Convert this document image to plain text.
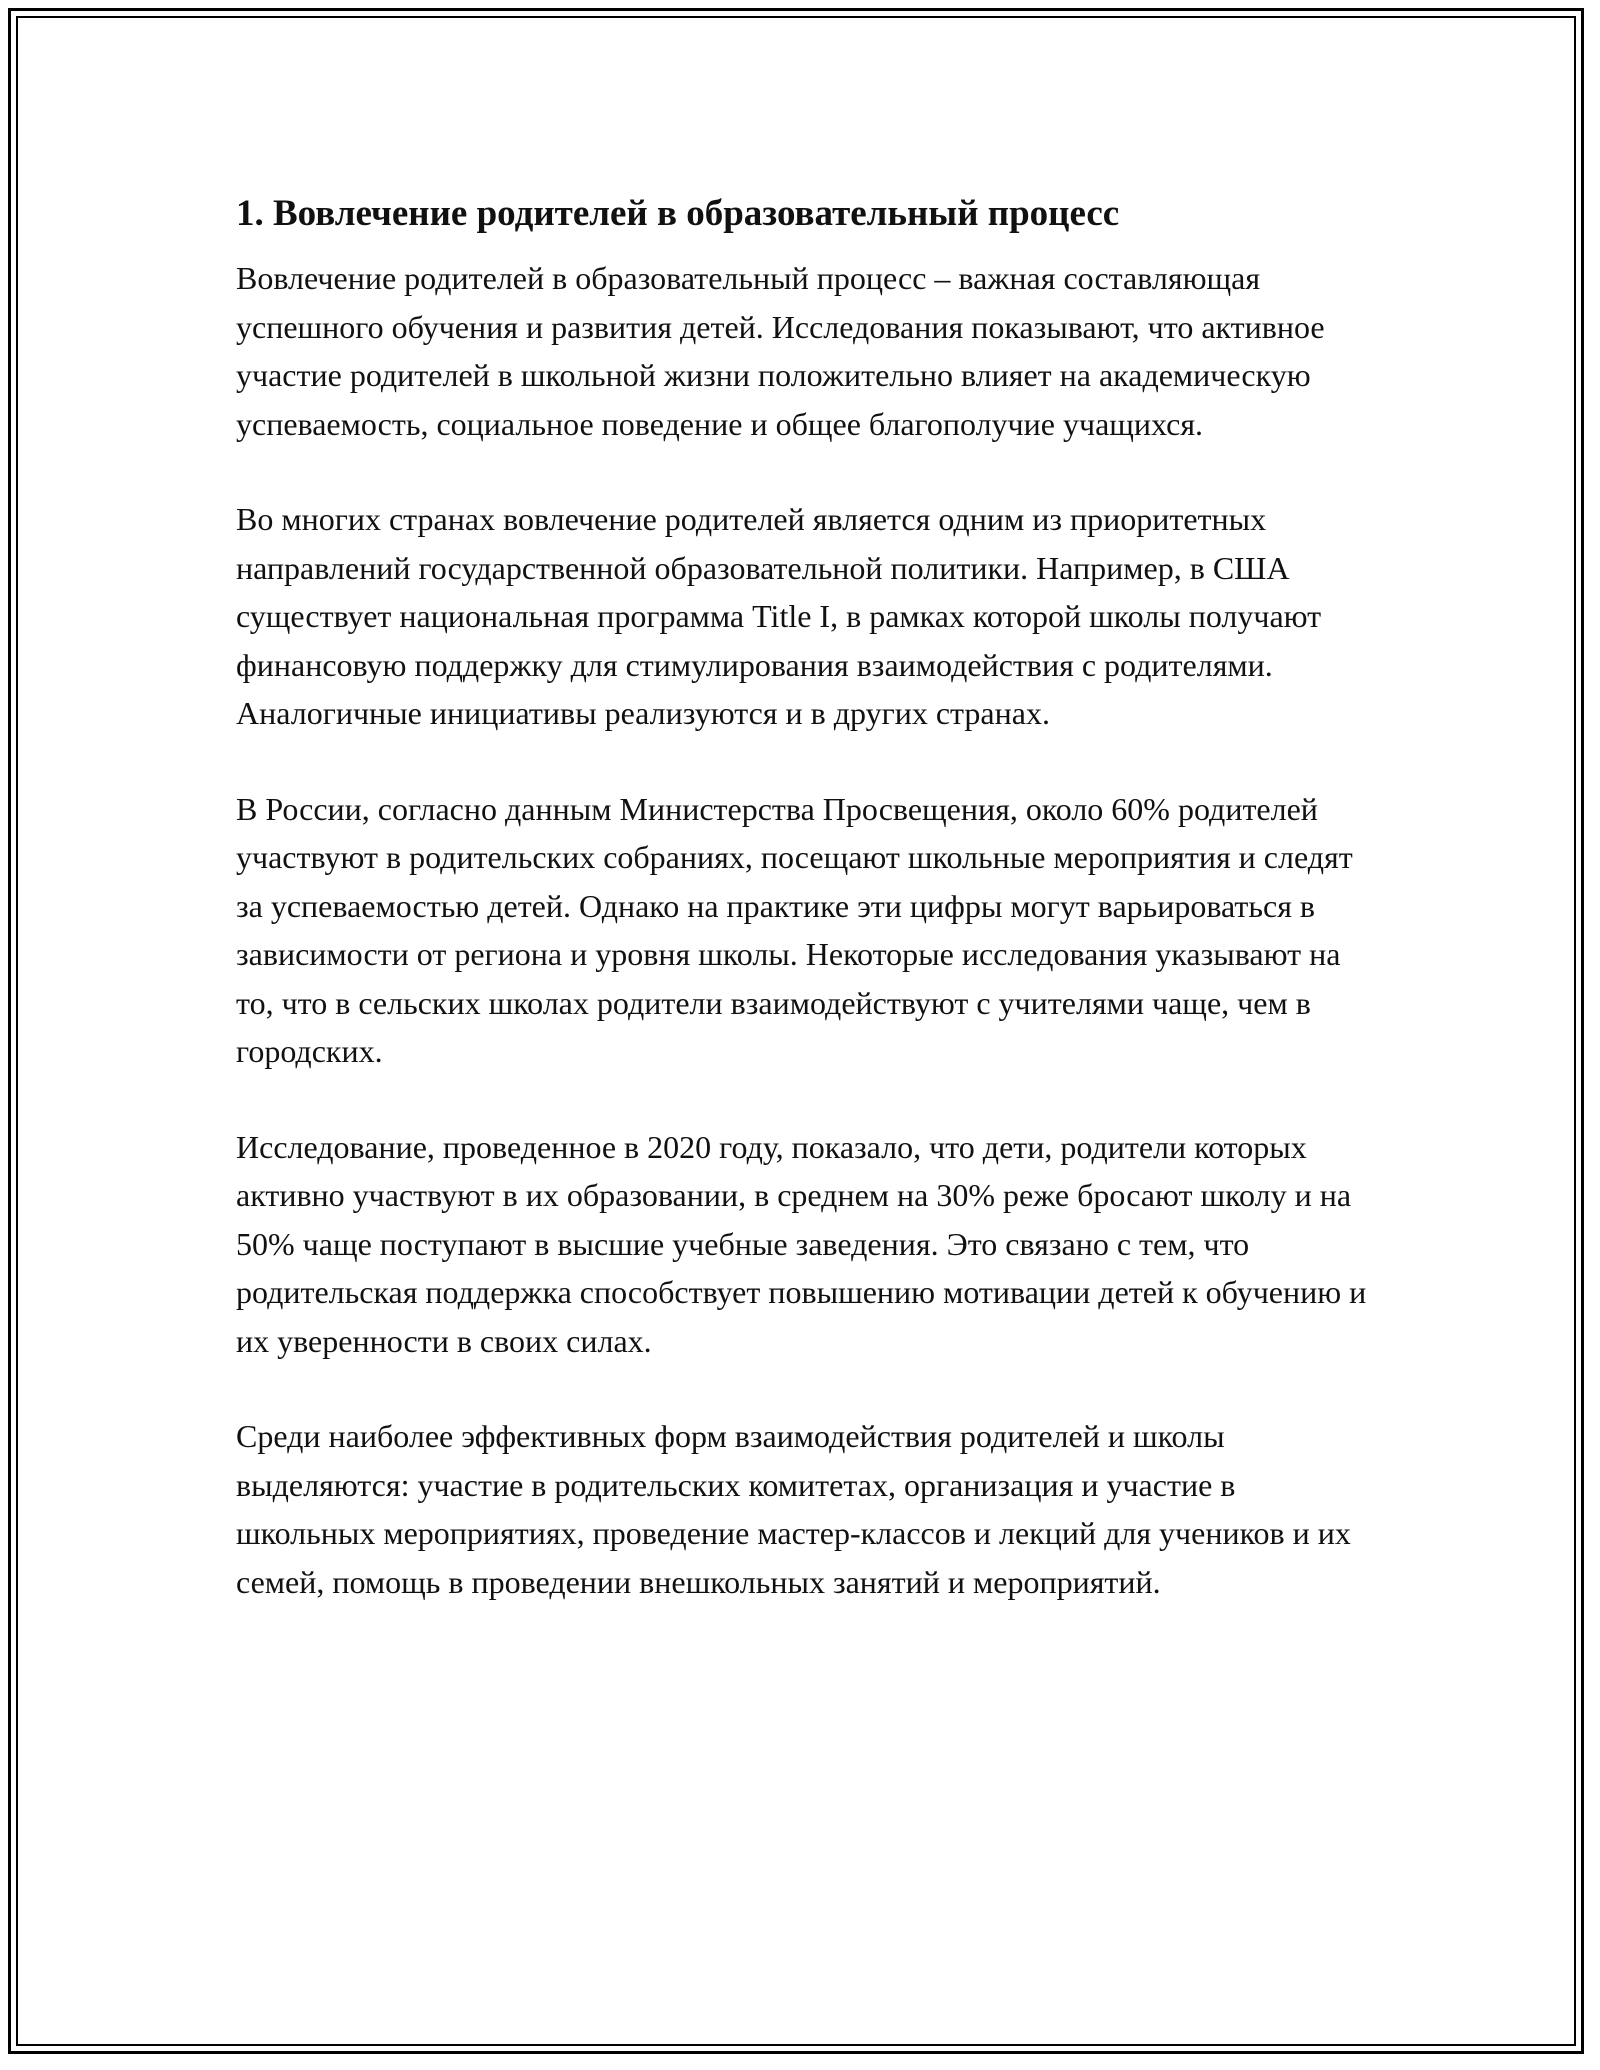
1. Вовлечение родителей в образовательный процесс

Вовлечение родителей в образовательный процесс – важная составляющая успешного обучения и развития детей. Исследования показывают, что активное участие родителей в школьной жизни положительно влияет на академическую успеваемость, социальное поведение и общее благополучие учащихся.

Во многих странах вовлечение родителей является одним из приоритетных направлений государственной образовательной политики. Например, в США существует национальная программа Title I, в рамках которой школы получают финансовую поддержку для стимулирования взаимодействия с родителями. Аналогичные инициативы реализуются и в других странах.

В России, согласно данным Министерства Просвещения, около 60% родителей участвуют в родительских собраниях, посещают школьные мероприятия и следят за успеваемостью детей. Однако на практике эти цифры могут варьироваться в зависимости от региона и уровня школы. Некоторые исследования указывают на то, что в сельских школах родители взаимодействуют с учителями чаще, чем в городских.

Исследование, проведенное в 2020 году, показало, что дети, родители которых активно участвуют в их образовании, в среднем на 30% реже бросают школу и на 50% чаще поступают в высшие учебные заведения. Это связано с тем, что родительская поддержка способствует повышению мотивации детей к обучению и их уверенности в своих силах.

Среди наиболее эффективных форм взаимодействия родителей и школы выделяются: участие в родительских комитетах, организация и участие в школьных мероприятиях, проведение мастер-классов и лекций для учеников и их семей, помощь в проведении внешкольных занятий и мероприятий.
